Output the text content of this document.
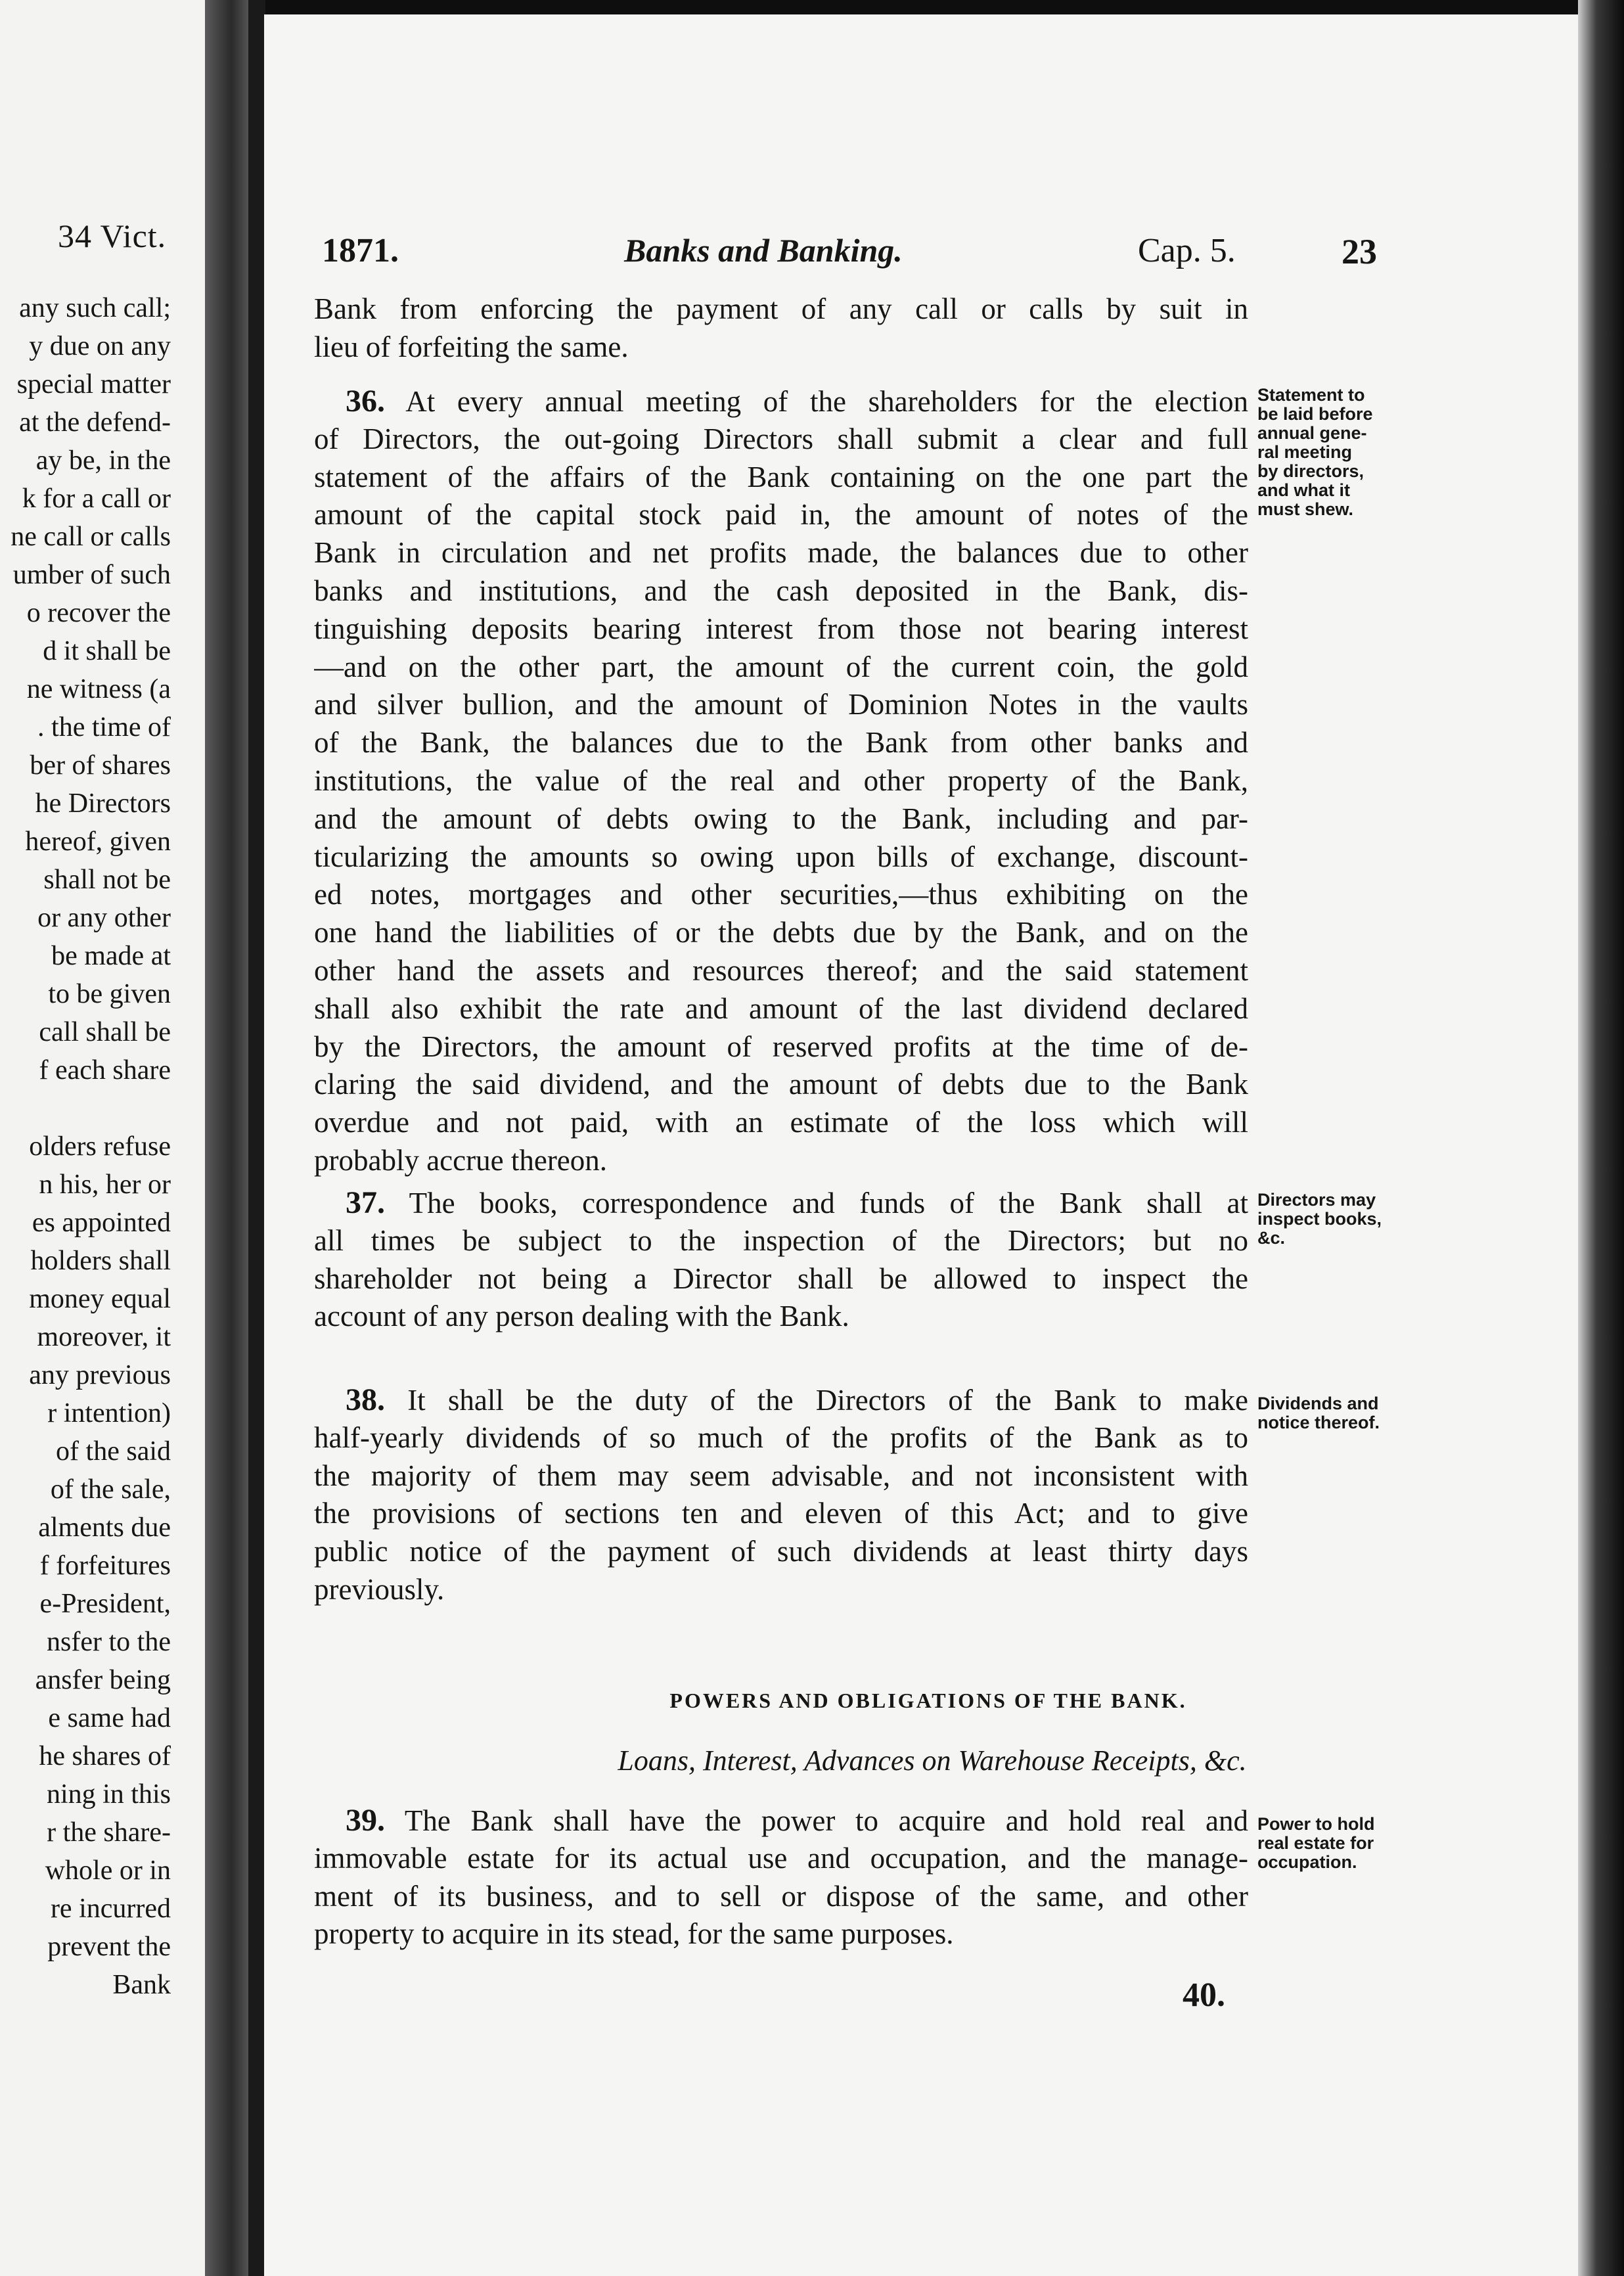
34 Vict.
any such call;
y due on any
special matter
at the defend-
ay be, in the
k for a call or
ne call or calls
umber of such
o recover the
d it shall be
ne witness (a
. the time of
ber of shares
he Directors
hereof, given
shall not be
or any other
be made at
to be given
call shall be
f each share
olders refuse
n his, her or
es appointed
holders shall
money equal
moreover, it
any previous
r intention)
of the said
of the sale,
alments due
f forfeitures
e-President,
nsfer to the
ansfer being
e same had
he shares of
ning in this
r the share-
whole or in
re incurred
prevent the
Bank
1871.	Banks and Banking.	Cap. 5.	23
Bank from enforcing the payment of any call or calls by suit in
lieu of forfeiting the same.
36. At every annual meeting of the shareholders for the election
of Directors, the out-going Directors shall submit a clear and full
statement of the affairs of the Bank containing on the one part the
amount of the capital stock paid in, the amount of notes of the
Bank in circulation and net profits made, the balances due to other
banks and institutions, and the cash deposited in the Bank, dis-
tinguishing deposits bearing interest from those not bearing interest
—and on the other part, the amount of the current coin, the gold
and silver bullion, and the amount of Dominion Notes in the vaults
of the Bank, the balances due to the Bank from other banks and
institutions, the value of the real and other property of the Bank,
and the amount of debts owing to the Bank, including and par-
ticularizing the amounts so owing upon bills of exchange, discount-
ed notes, mortgages and other securities,—thus exhibiting on the
one hand the liabilities of or the debts due by the Bank, and on the
other hand the assets and resources thereof; and the said statement
shall also exhibit the rate and amount of the last dividend declared
by the Directors, the amount of reserved profits at the time of de-
claring the said dividend, and the amount of debts due to the Bank
overdue and not paid, with an estimate of the loss which will
probably accrue thereon.
Statement to
be laid before
annual gene-
ral meeting
by directors,
and what it
must shew.
37. The books, correspondence and funds of the Bank shall at
all times be subject to the inspection of the Directors; but no
shareholder not being a Director shall be allowed to inspect the
account of any person dealing with the Bank.
Directors may
inspect books,
&c.
38. It shall be the duty of the Directors of the Bank to make
half-yearly dividends of so much of the profits of the Bank as to
the majority of them may seem advisable, and not inconsistent with
the provisions of sections ten and eleven of this Act; and to give
public notice of the payment of such dividends at least thirty days
previously.
Dividends and
notice thereof.
POWERS AND OBLIGATIONS OF THE BANK.
Loans, Interest, Advances on Warehouse Receipts, &c.
39. The Bank shall have the power to acquire and hold real and
immovable estate for its actual use and occupation, and the manage-
ment of its business, and to sell or dispose of the same, and other
property to acquire in its stead, for the same purposes.
Power to hold
real estate for
occupation.
40.
